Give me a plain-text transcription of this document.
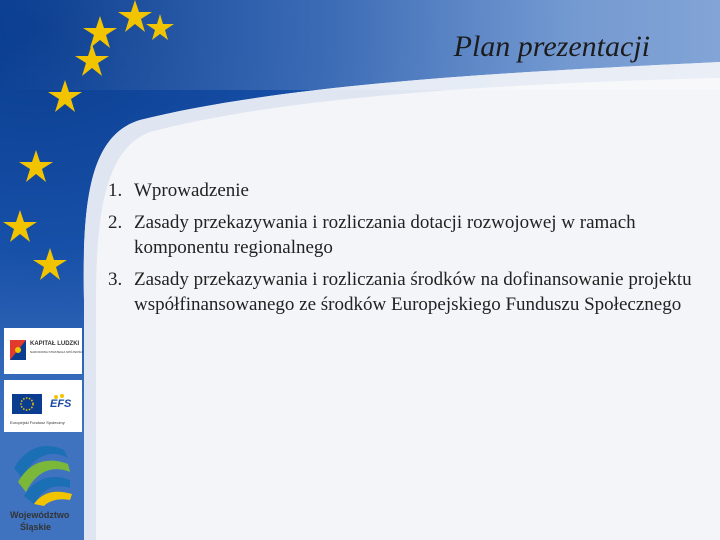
Plan prezentacji
1. Wprowadzenie
2. Zasady przekazywania i rozliczania dotacji rozwojowej w ramach komponentu regionalnego
3. Zasady przekazywania i rozliczania środków na dofinansowanie projektu współfinansowanego ze środków Europejskiego Funduszu Społecznego
KAPITAŁ LUDZKI
NARODOWA STRATEGIA SPÓJNOŚCI
EFS
Europejski Fundusz Społeczny
Województwo
Śląskie
